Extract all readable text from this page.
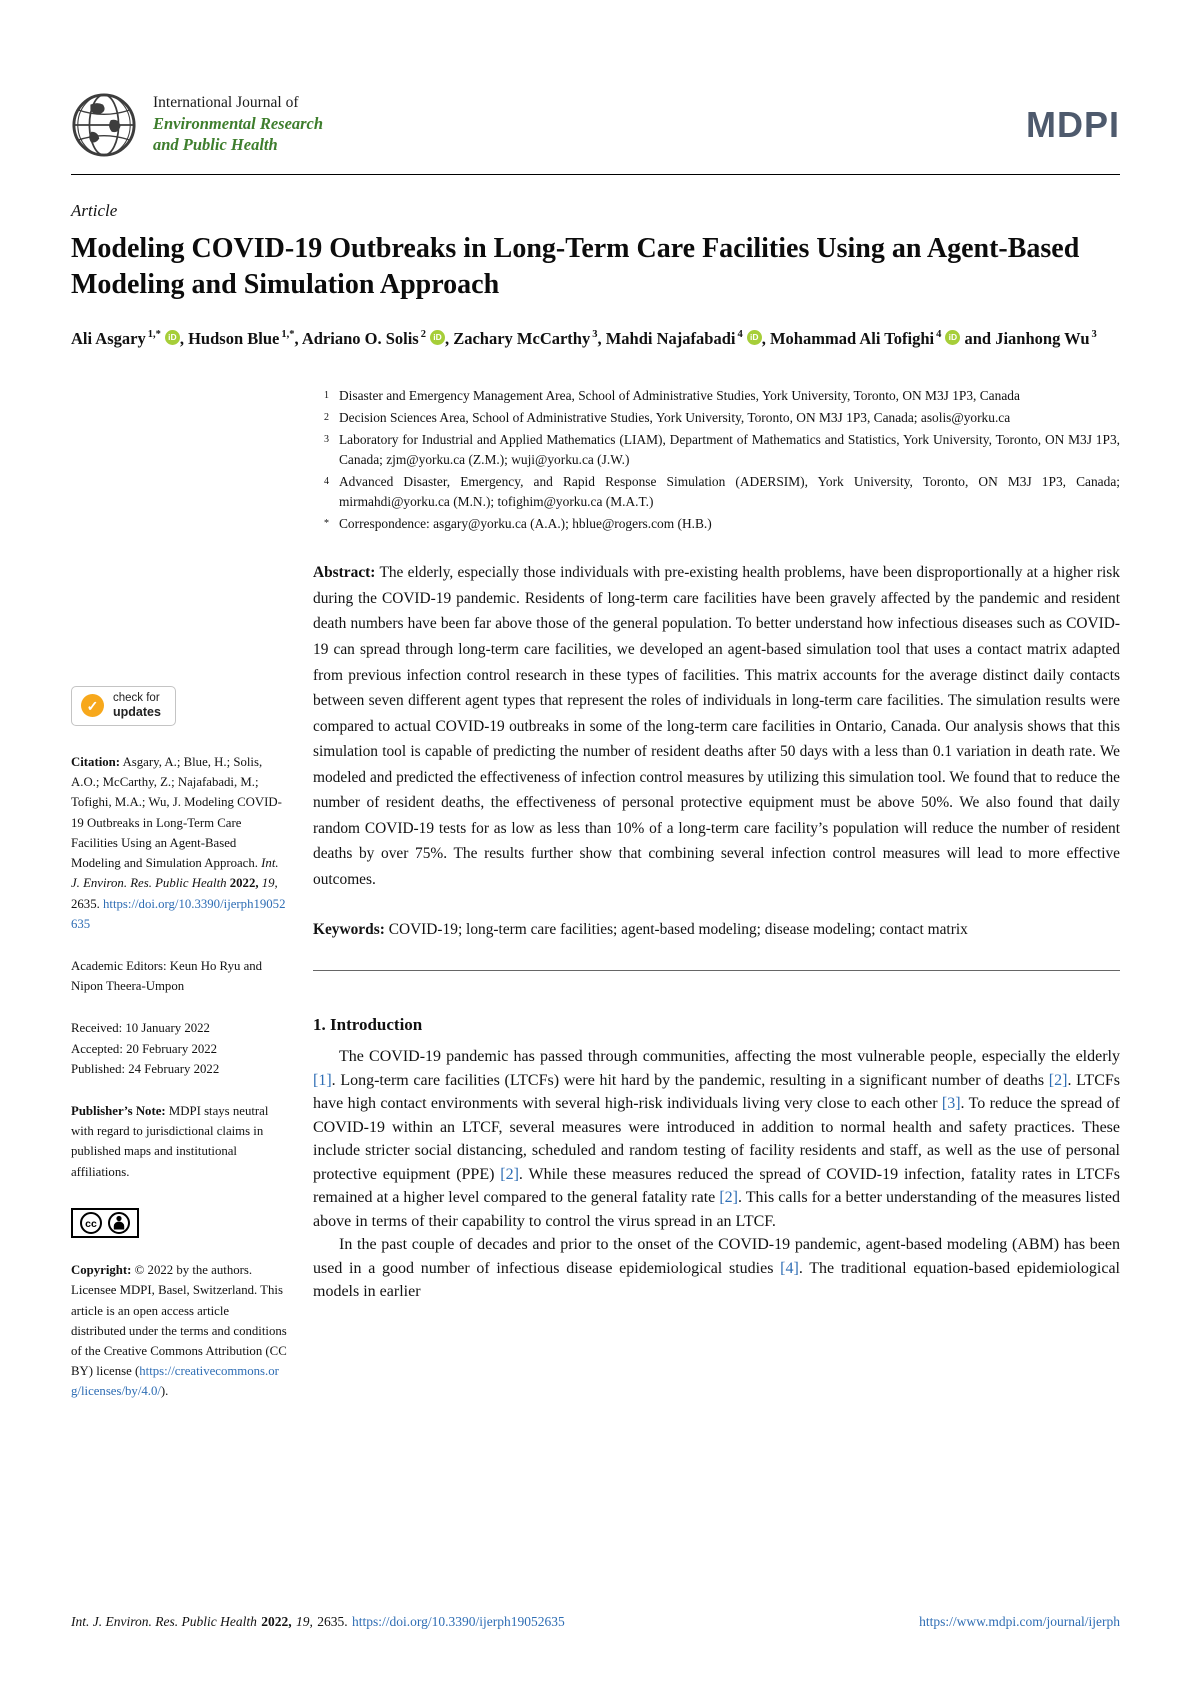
International Journal of
Environmental Research
and Public Health	MDPI
Article
Modeling COVID-19 Outbreaks in Long-Term Care Facilities Using an Agent-Based Modeling and Simulation Approach
Ali Asgary $^{1,*}$ iD , Hudson Blue $^{1,*}$, Adriano O. Solis $^2$ iD , Zachary McCarthy $^3$, Mahdi Najafabadi $^4$ iD , Mohammad Ali Tofighi $^4$ iD and Jianhong Wu $^3$
✓
check for
updates

Citation: Asgary, A.; Blue, H.; Solis, A.O.; McCarthy, Z.; Najafabadi, M.; Tofighi, M.A.; Wu, J. Modeling COVID-19 Outbreaks in Long-Term Care Facilities Using an Agent-Based Modeling and Simulation Approach. Int. J. Environ. Res. Public Health 2022, 19, 2635. https://doi.org/10.3390/ijerph19052635

Academic Editors: Keun Ho Ryu and Nipon Theera-Umpon

Received: 10 January 2022
Accepted: 20 February 2022
Published: 24 February 2022

Publisher’s Note: MDPI stays neutral with regard to jurisdictional claims in published maps and institutional affiliations.

cc

Copyright: © 2022 by the authors. Licensee MDPI, Basel, Switzerland. This article is an open access article distributed under the terms and conditions of the Creative Commons Attribution (CC BY) license (https://creativecommons.org/licenses/by/4.0/).

1 Disaster and Emergency Management Area, School of Administrative Studies, York University, Toronto, ON M3J 1P3, Canada
2 Decision Sciences Area, School of Administrative Studies, York University, Toronto, ON M3J 1P3, Canada; asolis@yorku.ca
3 Laboratory for Industrial and Applied Mathematics (LIAM), Department of Mathematics and Statistics, York University, Toronto, ON M3J 1P3, Canada; zjm@yorku.ca (Z.M.); wuji@yorku.ca (J.W.)
4 Advanced Disaster, Emergency, and Rapid Response Simulation (ADERSIM), York University, Toronto, ON M3J 1P3, Canada; mirmahdi@yorku.ca (M.N.); tofighim@yorku.ca (M.A.T.)
* Correspondence: asgary@yorku.ca (A.A.); hblue@rogers.com (H.B.)

Abstract: The elderly, especially those individuals with pre-existing health problems, have been disproportionally at a higher risk during the COVID-19 pandemic. Residents of long-term care facilities have been gravely affected by the pandemic and resident death numbers have been far above those of the general population. To better understand how infectious diseases such as COVID-19 can spread through long-term care facilities, we developed an agent-based simulation tool that uses a contact matrix adapted from previous infection control research in these types of facilities. This matrix accounts for the average distinct daily contacts between seven different agent types that represent the roles of individuals in long-term care facilities. The simulation results were compared to actual COVID-19 outbreaks in some of the long-term care facilities in Ontario, Canada. Our analysis shows that this simulation tool is capable of predicting the number of resident deaths after 50 days with a less than 0.1 variation in death rate. We modeled and predicted the effectiveness of infection control measures by utilizing this simulation tool. We found that to reduce the number of resident deaths, the effectiveness of personal protective equipment must be above 50%. We also found that daily random COVID-19 tests for as low as less than 10% of a long-term care facility’s population will reduce the number of resident deaths by over 75%. The results further show that combining several infection control measures will lead to more effective outcomes.

Keywords: COVID-19; long-term care facilities; agent-based modeling; disease modeling; contact matrix

1. Introduction

The COVID-19 pandemic has passed through communities, affecting the most vulnerable people, especially the elderly [1]. Long-term care facilities (LTCFs) were hit hard by the pandemic, resulting in a significant number of deaths [2]. LTCFs have high contact environments with several high-risk individuals living very close to each other [3]. To reduce the spread of COVID-19 within an LTCF, several measures were introduced in addition to normal health and safety practices. These include stricter social distancing, scheduled and random testing of facility residents and staff, as well as the use of personal protective equipment (PPE) [2]. While these measures reduced the spread of COVID-19 infection, fatality rates in LTCFs remained at a higher level compared to the general fatality rate [2]. This calls for a better understanding of the measures listed above in terms of their capability to control the virus spread in an LTCF.

In the past couple of decades and prior to the onset of the COVID-19 pandemic, agent-based modeling (ABM) has been used in a good number of infectious disease epidemiological studies [4]. The traditional equation-based epidemiological models in earlier

Int. J. Environ. Res. Public Health 2022, 19, 2635. https://doi.org/10.3390/ijerph19052635	https://www.mdpi.com/journal/ijerph
